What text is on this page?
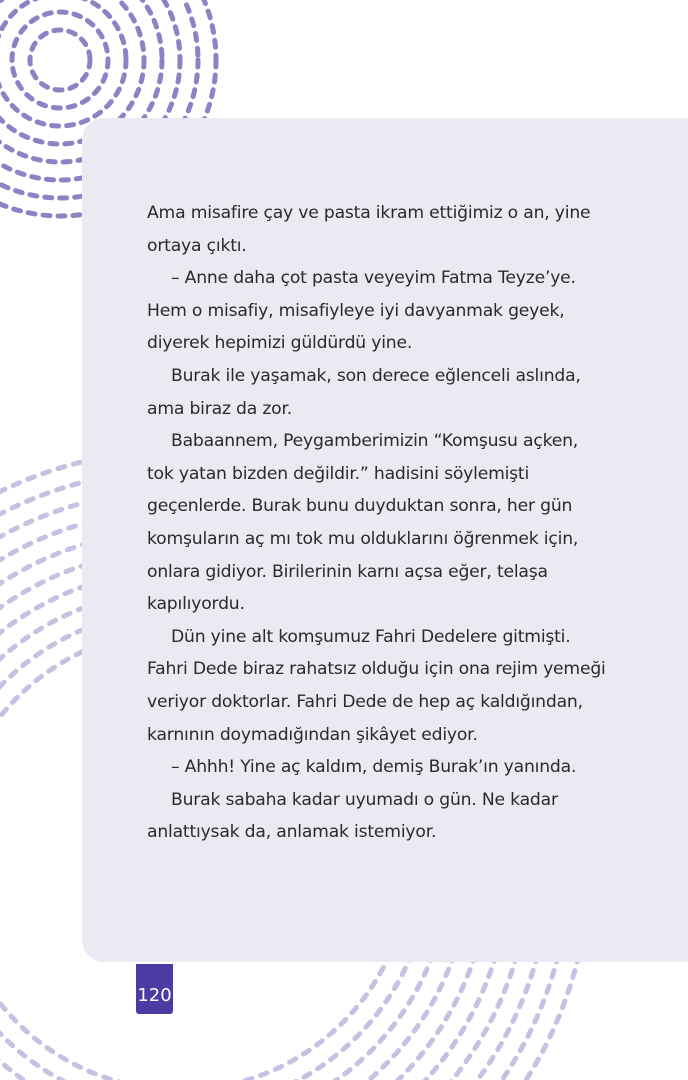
Ama misafire çay ve pasta ikram ettiğimiz o an, yine ortaya çıktı.

– Anne daha çot pasta veyeyim Fatma Teyze’ye. Hem o misafiy, misafiyleye iyi davyanmak geyek, diyerek hepimizi güldürdü yine.

Burak ile yaşamak, son derece eğlenceli aslında, ama biraz da zor.

Babaannem, Peygamberimizin “Komşusu açken, tok yatan bizden değildir.” hadisini söylemişti geçenlerde. Burak bunu duyduktan sonra, her gün komşuların aç mı tok mu olduklarını öğrenmek için, onlara gidiyor. Birilerinin karnı açsa eğer, telaşa kapılıyordu.

Dün yine alt komşumuz Fahri Dedelere gitmişti. Fahri Dede biraz rahatsız olduğu için ona rejim yemeği veriyor doktorlar. Fahri Dede de hep aç kaldığından, karnının doymadığından şikâyet ediyor.

– Ahhh! Yine aç kaldım, demiş Burak’ın yanında.

Burak sabaha kadar uyumadı o gün. Ne kadar anlattıysak da, anlamak istemiyor.

120
